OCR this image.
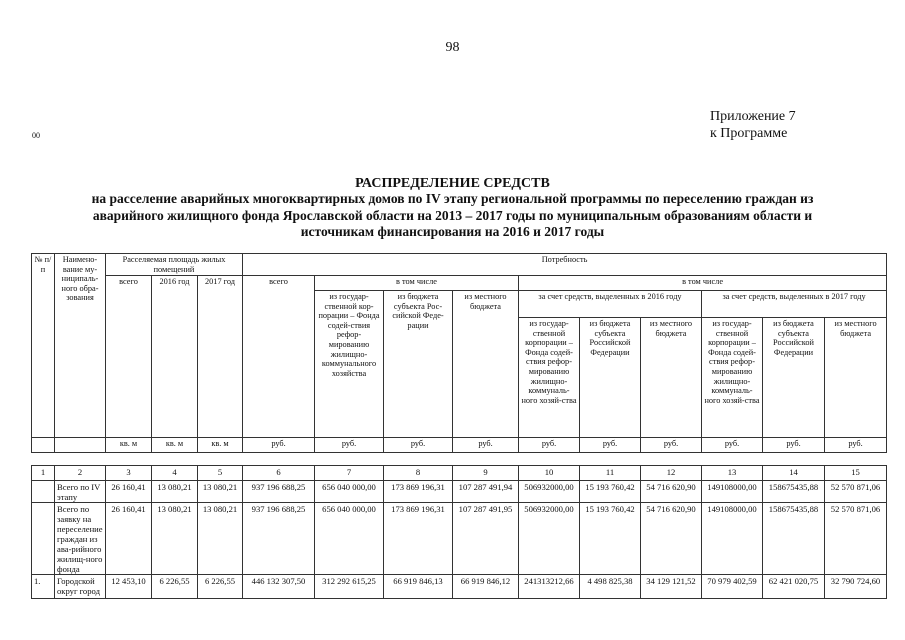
98
Приложение 7
к Программе
00
РАСПРЕДЕЛЕНИЕ СРЕДСТВ
на расселение аварийных многоквартирных домов по IV этапу региональной программы по переселению граждан из аварийного жилищного фонда Ярославской области на 2013 – 2017 годы по муниципальным образованиям области и источникам финансирования на 2016 и 2017 годы
№ п/п	Наимено-вание му-ниципаль-ного обра-зования	Расселяемая площадь жилых помещений			Потребность									
		всего	2016 год	2017 год	всего	в том числе			в том числе					
						из государ-ственной кор-порации – Фонда содей-ствия рефор-мированию жилищно-коммунального хозяйства	из бюджета субъекта Рос-сийской Феде-рации	из местного бюджета	за счет средств, выделенных в 2016 году			за счет средств, выделенных в 2017 году		
									из государ-ственной корпорации – Фонда содей-ствия рефор-мированию жилищно-коммуналь-ного хозяй-ства	из бюджета субъекта Российской Федерации	из местного бюджета	из государ-ственной корпорации – Фонда содей-ствия рефор-мированию жилищно-коммуналь-ного хозяй-ства	из бюджета субъекта Российской Федерации	из местного бюджета
		кв. м	кв. м	кв. м	руб.	руб.	руб.	руб.	руб.	руб.	руб.	руб.	руб.	руб.
1	2	3	4	5	6	7	8	9	10	11	12	13	14	15
	Всего по IV этапу	26 160,41	13 080,21	13 080,21	937 196 688,25	656 040 000,00	173 869 196,31	107 287 491,94	506932000,00	15 193 760,42	54 716 620,90	149108000,00	158675435,88	52 570 871,06
	Всего по заявку на переселение граждан из ава-рийного жилищ-ного фонда	26 160,41	13 080,21	13 080,21	937 196 688,25	656 040 000,00	173 869 196,31	107 287 491,95	506932000,00	15 193 760,42	54 716 620,90	149108000,00	158675435,88	52 570 871,06
1.	Городской округ город	12 453,10	6 226,55	6 226,55	446 132 307,50	312 292 615,25	66 919 846,13	66 919 846,12	241313212,66	4 498 825,38	34 129 121,52	70 979 402,59	62 421 020,75	32 790 724,60
